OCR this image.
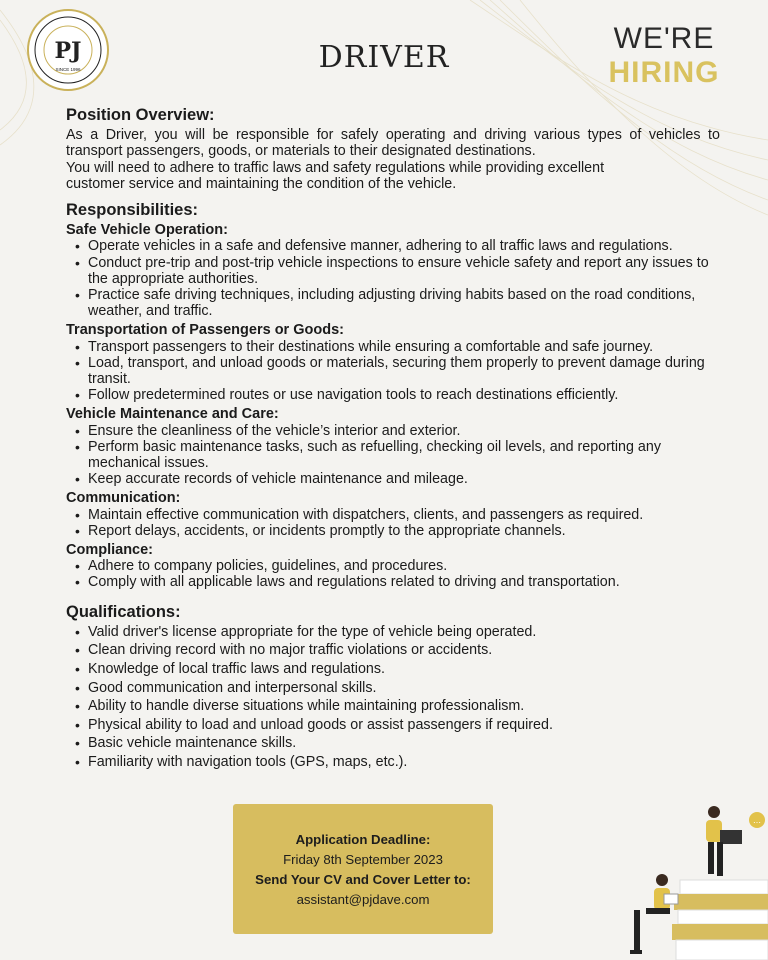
PJ
SINCE 1996	DRIVER
WE'RE
HIRING
Position Overview:

As a Driver, you will be responsible for safely operating and driving various types of vehicles to transport passengers, goods, or materials to their designated destinations.

You will need to adhere to traffic laws and safety regulations while providing excellent customer service and maintaining the condition of the vehicle.

Responsibilities:
Safe Vehicle Operation:
• Operate vehicles in a safe and defensive manner, adhering to all traffic laws and regulations.
• Conduct pre-trip and post-trip vehicle inspections to ensure vehicle safety and report any issues to the appropriate authorities.
• Practice safe driving techniques, including adjusting driving habits based on the road conditions, weather, and traffic.
Transportation of Passengers or Goods:
• Transport passengers to their destinations while ensuring a comfortable and safe journey.
• Load, transport, and unload goods or materials, securing them properly to prevent damage during transit.
• Follow predetermined routes or use navigation tools to reach destinations efficiently.
Vehicle Maintenance and Care:
• Ensure the cleanliness of the vehicle’s interior and exterior.
• Perform basic maintenance tasks, such as refuelling, checking oil levels, and reporting any mechanical issues.
• Keep accurate records of vehicle maintenance and mileage.
Communication:
• Maintain effective communication with dispatchers, clients, and passengers as required.
• Report delays, accidents, or incidents promptly to the appropriate channels.
Compliance:
• Adhere to company policies, guidelines, and procedures.
• Comply with all applicable laws and regulations related to driving and transportation.
Qualifications:
• Valid driver's license appropriate for the type of vehicle being operated.
• Clean driving record with no major traffic violations or accidents.
• Knowledge of local traffic laws and regulations.
• Good communication and interpersonal skills.
• Ability to handle diverse situations while maintaining professionalism.
• Physical ability to load and unload goods or assist passengers if required.
• Basic vehicle maintenance skills.
• Familiarity with navigation tools (GPS, maps, etc.).
Application Deadline:
Friday 8th September 2023
Send Your CV and Cover Letter to:
assistant@pjdave.com
…
